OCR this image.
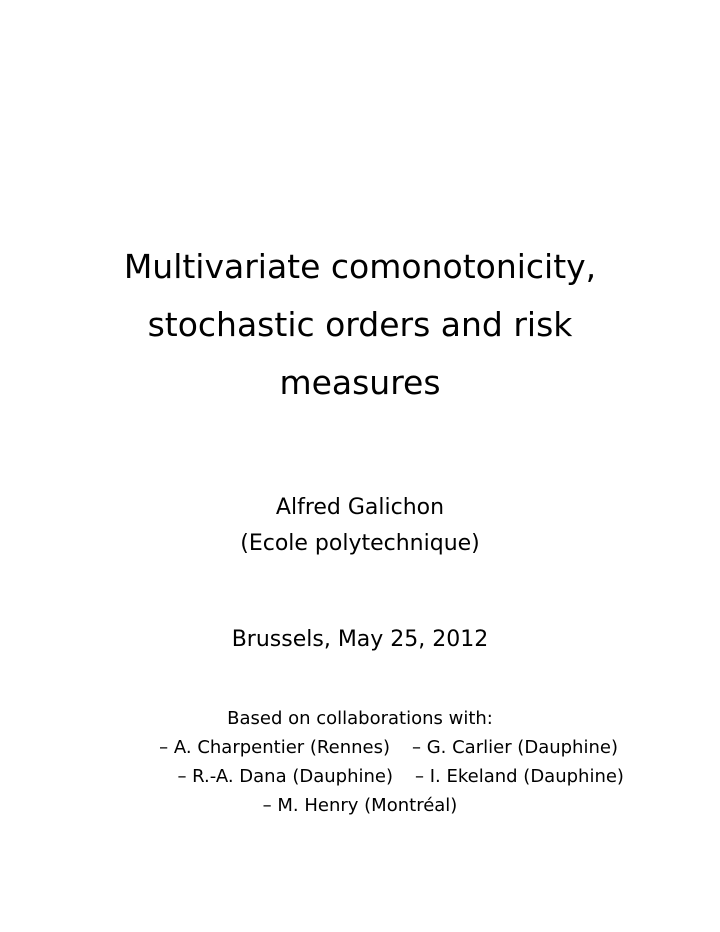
Multivariate comonotonicity,
stochastic orders and risk
measures
Alfred Galichon
(Ecole polytechnique)
Brussels, May 25, 2012
Based on collaborations with:
– A. Charpentier (Rennes)	– G. Carlier (Dauphine)
– R.-A. Dana (Dauphine)	– I. Ekeland (Dauphine)
– M. Henry (Montréal)
